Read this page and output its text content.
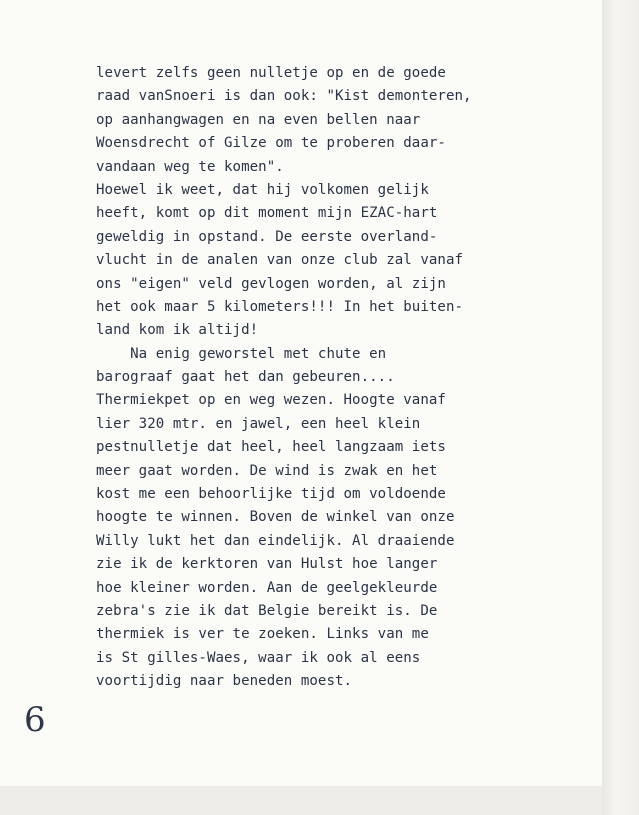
levert zelfs geen nulletje op en de goede
raad vanSnoeri is dan ook: "Kist demonteren,
op aanhangwagen en na even bellen naar
Woensdrecht of Gilze om te proberen daar-
vandaan weg te komen".
Hoewel ik weet, dat hij volkomen gelijk
heeft, komt op dit moment mijn EZAC-hart
geweldig in opstand. De eerste overland-
vlucht in de analen van onze club zal vanaf
ons "eigen" veld gevlogen worden, al zijn
het ook maar 5 kilometers!!! In het buiten-
land kom ik altijd!
Na enig geworstel met chute en
barograaf gaat het dan gebeuren....
Thermiekpet op en weg wezen. Hoogte vanaf
lier 320 mtr. en jawel, een heel klein
pestnulletje dat heel, heel langzaam iets
meer gaat worden. De wind is zwak en het
kost me een behoorlijke tijd om voldoende
hoogte te winnen. Boven de winkel van onze
Willy lukt het dan eindelijk. Al draaiende
zie ik de kerktoren van Hulst hoe langer
hoe kleiner worden. Aan de geelgekleurde
zebra's zie ik dat Belgie bereikt is. De
thermiek is ver te zoeken. Links van me
is St gilles-Waes, waar ik ook al eens
voortijdig naar beneden moest.
6
